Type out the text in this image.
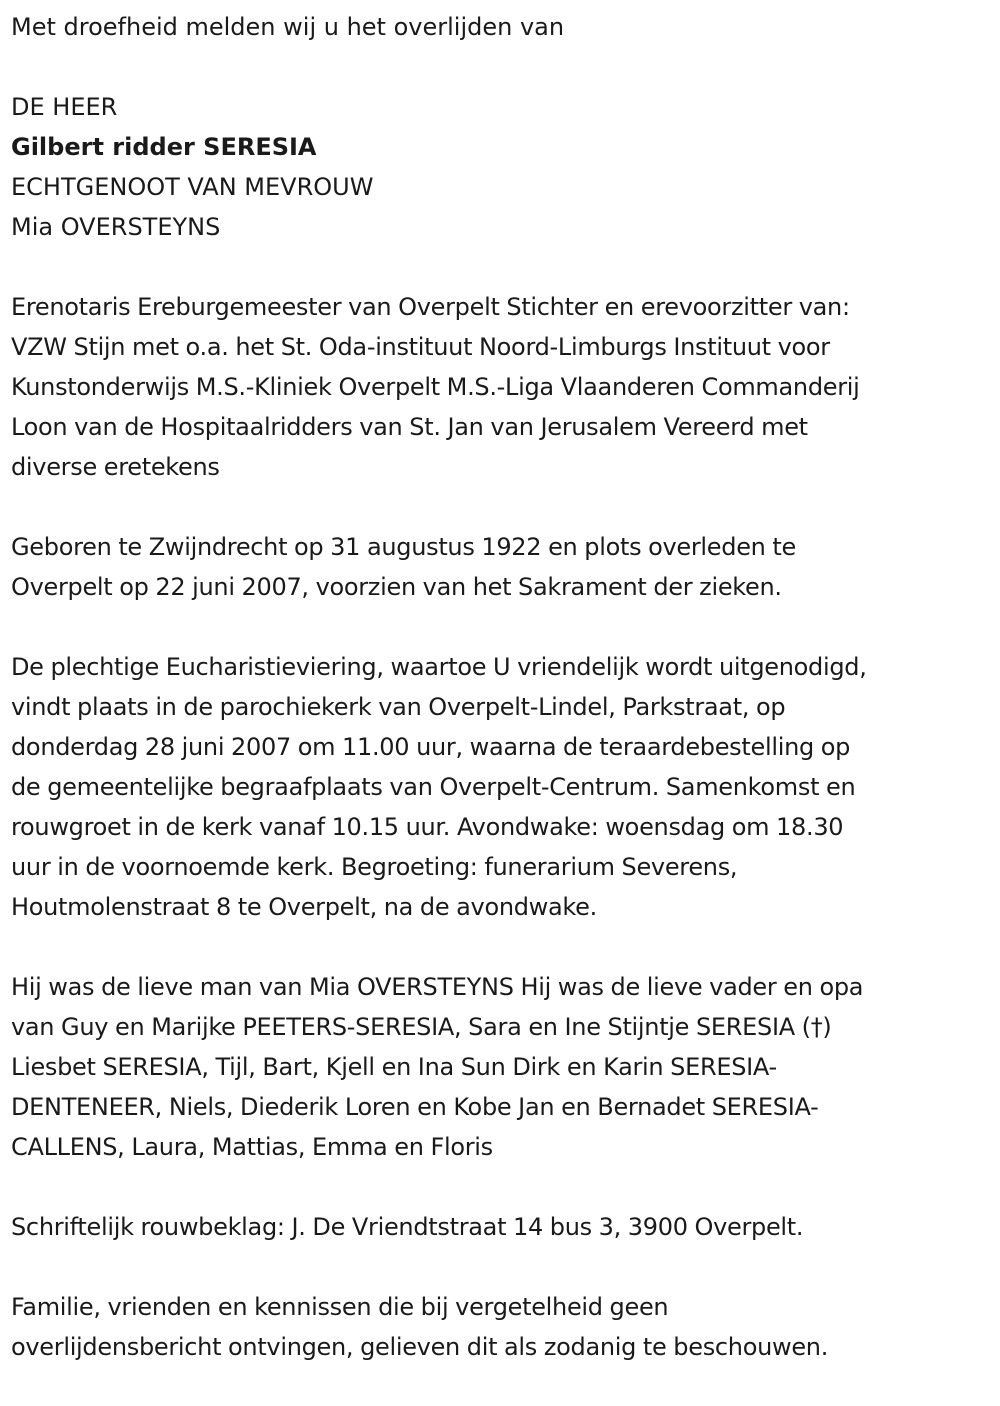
Met droefheid melden wij u het overlijden van

DE HEER

Gilbert ridder SERESIA

ECHTGENOOT VAN MEVROUW

Mia OVERSTEYNS

Erenotaris Ereburgemeester van Overpelt Stichter en erevoorzitter van:

VZW Stijn met o.a. het St. Oda-instituut Noord-Limburgs Instituut voor

Kunstonderwijs M.S.-Kliniek Overpelt M.S.-Liga Vlaanderen Commanderij

Loon van de Hospitaalridders van St. Jan van Jerusalem Vereerd met

diverse eretekens

Geboren te Zwijndrecht op 31 augustus 1922 en plots overleden te

Overpelt op 22 juni 2007, voorzien van het Sakrament der zieken.

De plechtige Eucharistieviering, waartoe U vriendelijk wordt uitgenodigd,

vindt plaats in de parochiekerk van Overpelt-Lindel, Parkstraat, op

donderdag 28 juni 2007 om 11.00 uur, waarna de teraardebestelling op

de gemeentelijke begraafplaats van Overpelt-Centrum. Samenkomst en

rouwgroet in de kerk vanaf 10.15 uur. Avondwake: woensdag om 18.30

uur in de voornoemde kerk. Begroeting: funerarium Severens,

Houtmolenstraat 8 te Overpelt, na de avondwake.

Hij was de lieve man van Mia OVERSTEYNS Hij was de lieve vader en opa

van Guy en Marijke PEETERS-SERESIA, Sara en Ine Stijntje SERESIA (†)

Liesbet SERESIA, Tijl, Bart, Kjell en Ina Sun Dirk en Karin SERESIA-

DENTENEER, Niels, Diederik Loren en Kobe Jan en Bernadet SERESIA-

CALLENS, Laura, Mattias, Emma en Floris

Schriftelijk rouwbeklag: J. De Vriendtstraat 14 bus 3, 3900 Overpelt.

Familie, vrienden en kennissen die bij vergetelheid geen

overlijdensbericht ontvingen, gelieven dit als zodanig te beschouwen.
